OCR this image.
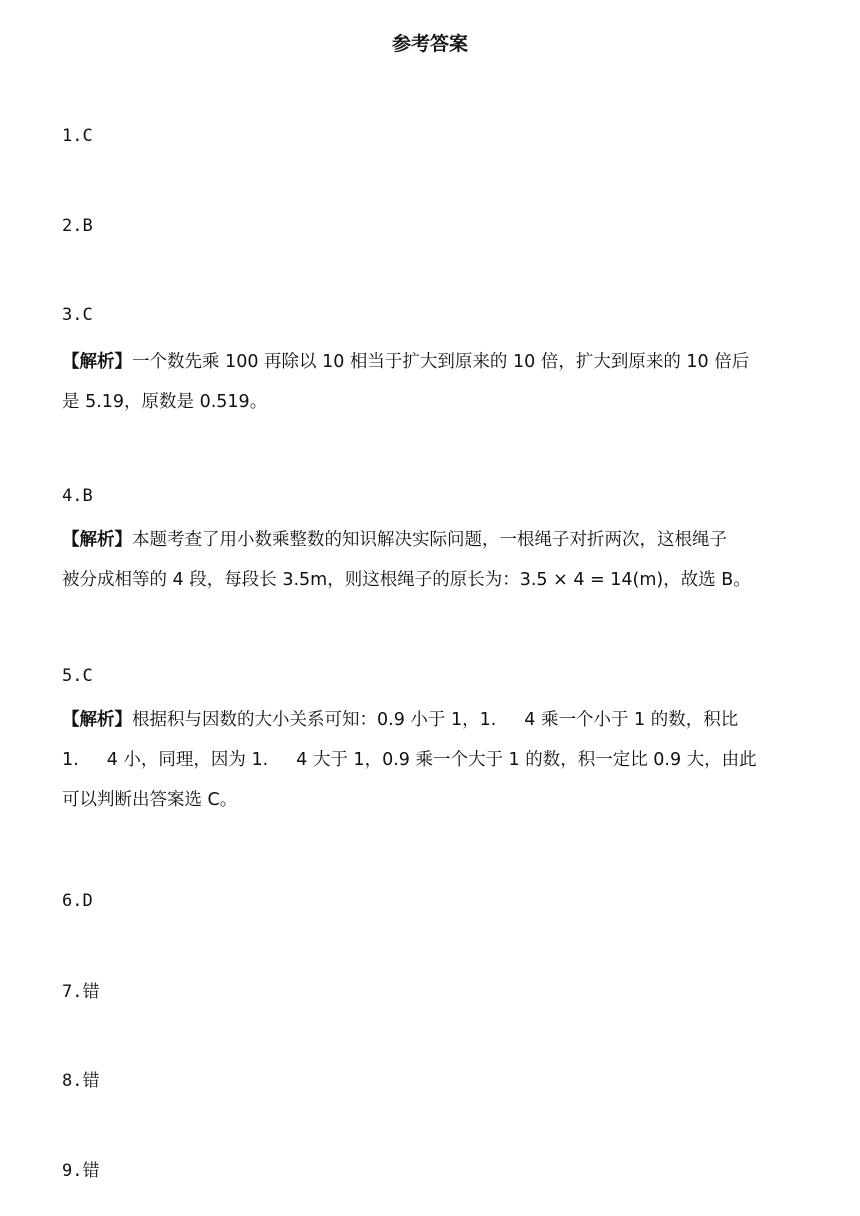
参考答案
1.C
2.B
3.C
【解析】一个数先乘 100 再除以 10 相当于扩大到原来的 10 倍，扩大到原来的 10 倍后
是 5.19，原数是 0.519。
4.B
【解析】本题考查了用小数乘整数的知识解决实际问题，一根绳子对折两次，这根绳子
被分成相等的 4 段，每段长 3.5m，则这根绳子的原长为：3.5 × 4 = 14(m)，故选 B。
5.C
【解析】根据积与因数的大小关系可知：0.9 小于 1，1. 4 乘一个小于 1 的数，积比
1. 4 小，同理，因为 1. 4 大于 1，0.9 乘一个大于 1 的数，积一定比 0.9 大，由此
可以判断出答案选 C。
6.D
7.错
8.错
9.错
